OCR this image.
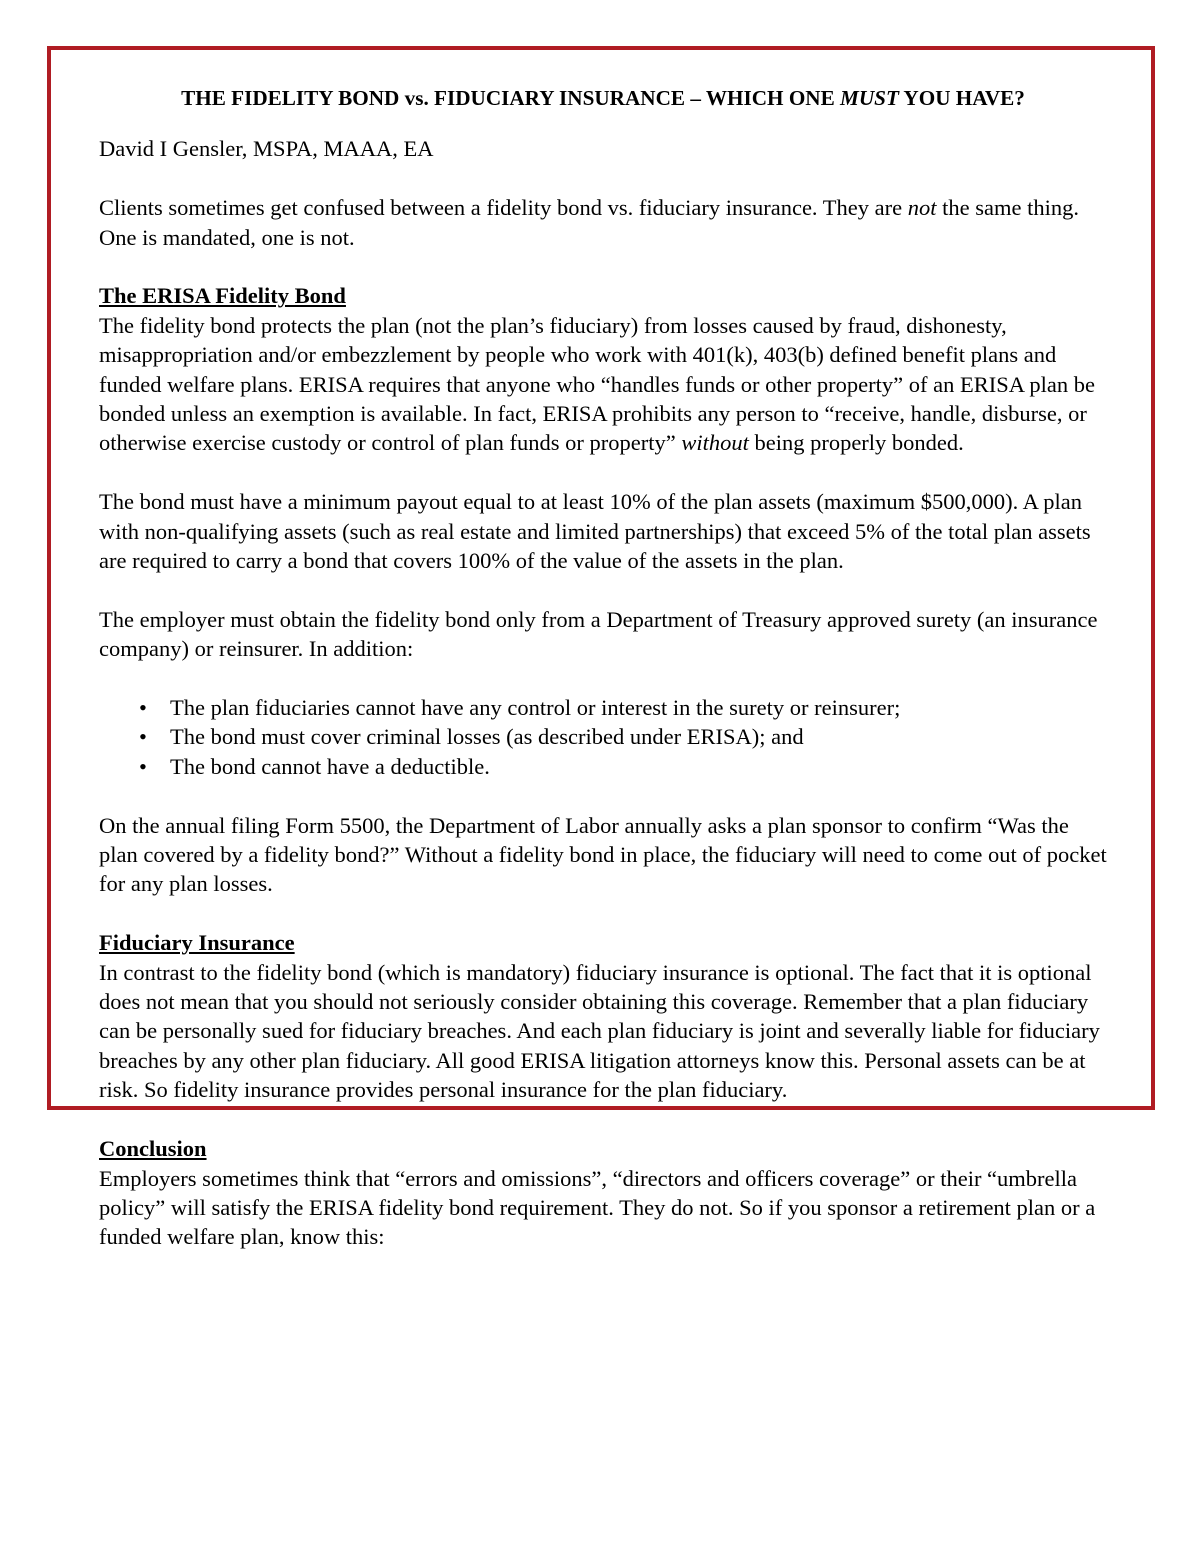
THE FIDELITY BOND vs. FIDUCIARY INSURANCE – WHICH ONE MUST YOU HAVE?

David I Gensler, MSPA, MAAA, EA

Clients sometimes get confused between a fidelity bond vs. fiduciary insurance. They are not the same thing. One is mandated, one is not.

The ERISA Fidelity Bond

The fidelity bond protects the plan (not the plan’s fiduciary) from losses caused by fraud, dishonesty, misappropriation and/or embezzlement by people who work with 401(k), 403(b) defined benefit plans and funded welfare plans. ERISA requires that anyone who “handles funds or other property” of an ERISA plan be bonded unless an exemption is available. In fact, ERISA prohibits any person to “receive, handle, disburse, or otherwise exercise custody or control of plan funds or property” without being properly bonded.

The bond must have a minimum payout equal to at least 10% of the plan assets (maximum $500,000). A plan with non-qualifying assets (such as real estate and limited partnerships) that exceed 5% of the total plan assets are required to carry a bond that covers 100% of the value of the assets in the plan.

The employer must obtain the fidelity bond only from a Department of Treasury approved surety (an insurance company) or reinsurer. In addition:

• The plan fiduciaries cannot have any control or interest in the surety or reinsurer;
• The bond must cover criminal losses (as described under ERISA); and
• The bond cannot have a deductible.

On the annual filing Form 5500, the Department of Labor annually asks a plan sponsor to confirm “Was the plan covered by a fidelity bond?” Without a fidelity bond in place, the fiduciary will need to come out of pocket for any plan losses.

Fiduciary Insurance

In contrast to the fidelity bond (which is mandatory) fiduciary insurance is optional. The fact that it is optional does not mean that you should not seriously consider obtaining this coverage. Remember that a plan fiduciary can be personally sued for fiduciary breaches. And each plan fiduciary is joint and severally liable for fiduciary breaches by any other plan fiduciary. All good ERISA litigation attorneys know this. Personal assets can be at risk. So fidelity insurance provides personal insurance for the plan fiduciary.

Conclusion

Employers sometimes think that “errors and omissions”, “directors and officers coverage” or their “umbrella policy” will satisfy the ERISA fidelity bond requirement. They do not. So if you sponsor a retirement plan or a funded welfare plan, know this:
